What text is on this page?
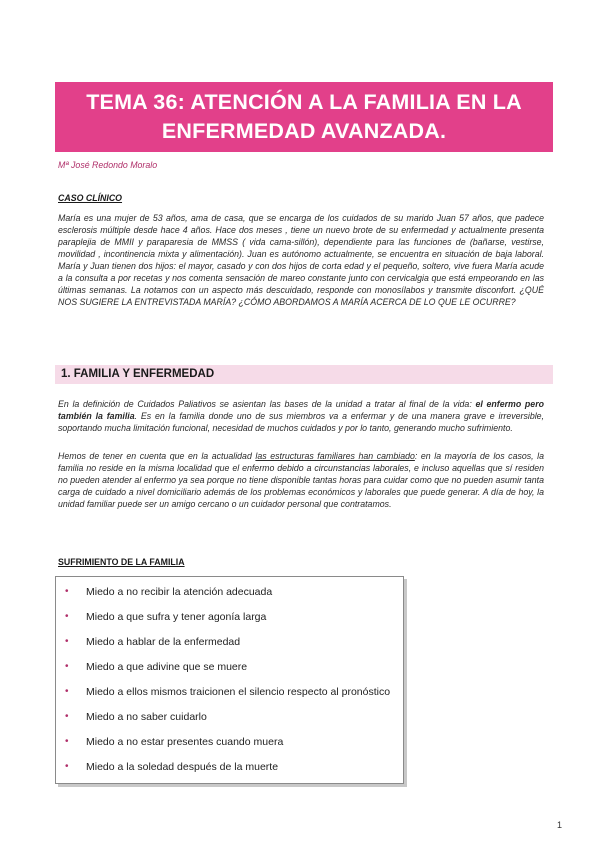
TEMA 36: ATENCIÓN A LA FAMILIA EN LA ENFERMEDAD AVANZADA.
Mª José Redondo Moralo
CASO CLÍNICO
María es una mujer de 53 años, ama de casa, que se encarga de los cuidados de su marido Juan 57 años, que padece esclerosis múltiple desde hace 4 años. Hace dos meses , tiene un nuevo brote de su enfermedad y actualmente presenta paraplejia de MMII y paraparesia de MMSS ( vida cama-sillón), dependiente para las funciones de (bañarse, vestirse, movilidad , incontinencia mixta y alimentación). Juan es autónomo actualmente, se encuentra en situación de baja laboral. María y Juan tienen dos hijos: el mayor, casado y con dos hijos de corta edad y el pequeño, soltero, vive fuera María acude a la consulta a por recetas y nos comenta sensación de mareo constante junto con cervicalgia que está empeorando en las últimas semanas. La notamos con un aspecto más descuidado, responde con monosílabos y transmite disconfort. ¿QUÉ NOS SUGIERE LA ENTREVISTADA MARÍA? ¿CÓMO ABORDAMOS A MARÍA ACERCA DE LO QUE LE OCURRE?
1. FAMILIA Y ENFERMEDAD
En la definición de Cuidados Paliativos se asientan las bases de la unidad a tratar al final de la vida: el enfermo pero también la familia. Es en la familia donde uno de sus miembros va a enfermar y de una manera grave e irreversible, soportando mucha limitación funcional, necesidad de muchos cuidados y por lo tanto, generando mucho sufrimiento.
Hemos de tener en cuenta que en la actualidad las estructuras familiares han cambiado: en la mayoría de los casos, la familia no reside en la misma localidad que el enfermo debido a circunstancias laborales, e incluso aquellas que sí residen no pueden atender al enfermo ya sea porque no tiene disponible tantas horas para cuidar como que no pueden asumir tanta carga de cuidado a nivel domiciliario además de los problemas económicos y laborales que puede generar. A día de hoy, la unidad familiar puede ser un amigo cercano o un cuidador personal que contratamos.
SUFRIMIENTO DE LA FAMILIA
• Miedo a no recibir la atención adecuada
• Miedo a que sufra y tener agonía larga
• Miedo a hablar de la enfermedad
• Miedo a que adivine que se muere
• Miedo a ellos mismos traicionen el silencio respecto al pronóstico
• Miedo a no saber cuidarlo
• Miedo a no estar presentes cuando muera
• Miedo a la soledad después de la muerte
1
